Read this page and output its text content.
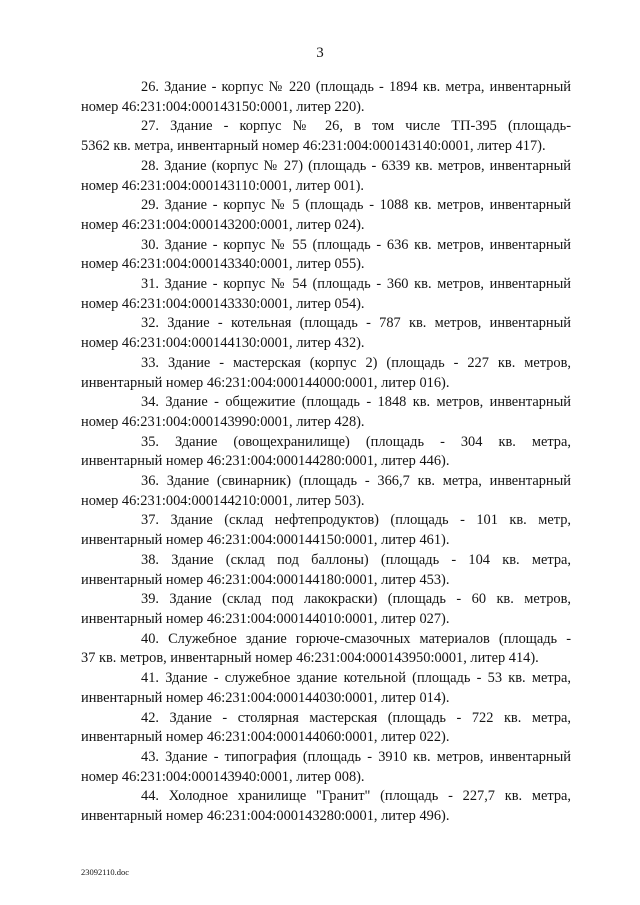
3
26. Здание - корпус № 220 (площадь - 1894 кв. метра, инвентарный
номер 46:231:004:000143150:0001, литер 220).
27. Здание - корпус № 26, в том числе ТП-395 (площадь-
5362 кв. метра, инвентарный номер 46:231:004:000143140:0001, литер 417).
28. Здание (корпус № 27) (площадь - 6339 кв. метров, инвентарный
номер 46:231:004:000143110:0001, литер 001).
29. Здание - корпус № 5 (площадь - 1088 кв. метров, инвентарный
номер 46:231:004:000143200:0001, литер 024).
30. Здание - корпус № 55 (площадь - 636 кв. метров, инвентарный
номер 46:231:004:000143340:0001, литер 055).
31. Здание - корпус № 54 (площадь - 360 кв. метров, инвентарный
номер 46:231:004:000143330:0001, литер 054).
32. Здание - котельная (площадь - 787 кв. метров, инвентарный
номер 46:231:004:000144130:0001, литер 432).
33. Здание - мастерская (корпус 2) (площадь - 227 кв. метров,
инвентарный номер 46:231:004:000144000:0001, литер 016).
34. Здание - общежитие (площадь - 1848 кв. метров, инвентарный
номер 46:231:004:000143990:0001, литер 428).
35. Здание (овощехранилище) (площадь - 304 кв. метра,
инвентарный номер 46:231:004:000144280:0001, литер 446).
36. Здание (свинарник) (площадь - 366,7 кв. метра, инвентарный
номер 46:231:004:000144210:0001, литер 503).
37. Здание (склад нефтепродуктов) (площадь - 101 кв. метр,
инвентарный номер 46:231:004:000144150:0001, литер 461).
38. Здание (склад под баллоны) (площадь - 104 кв. метра,
инвентарный номер 46:231:004:000144180:0001, литер 453).
39. Здание (склад под лакокраски) (площадь - 60 кв. метров,
инвентарный номер 46:231:004:000144010:0001, литер 027).
40. Служебное здание горюче-смазочных материалов (площадь -
37 кв. метров, инвентарный номер 46:231:004:000143950:0001, литер 414).
41. Здание - служебное здание котельной (площадь - 53 кв. метра,
инвентарный номер 46:231:004:000144030:0001, литер 014).
42. Здание - столярная мастерская (площадь - 722 кв. метра,
инвентарный номер 46:231:004:000144060:0001, литер 022).
43. Здание - типография (площадь - 3910 кв. метров, инвентарный
номер 46:231:004:000143940:0001, литер 008).
44. Холодное хранилище "Гранит" (площадь - 227,7 кв. метра,
инвентарный номер 46:231:004:000143280:0001, литер 496).
23092110.doc
